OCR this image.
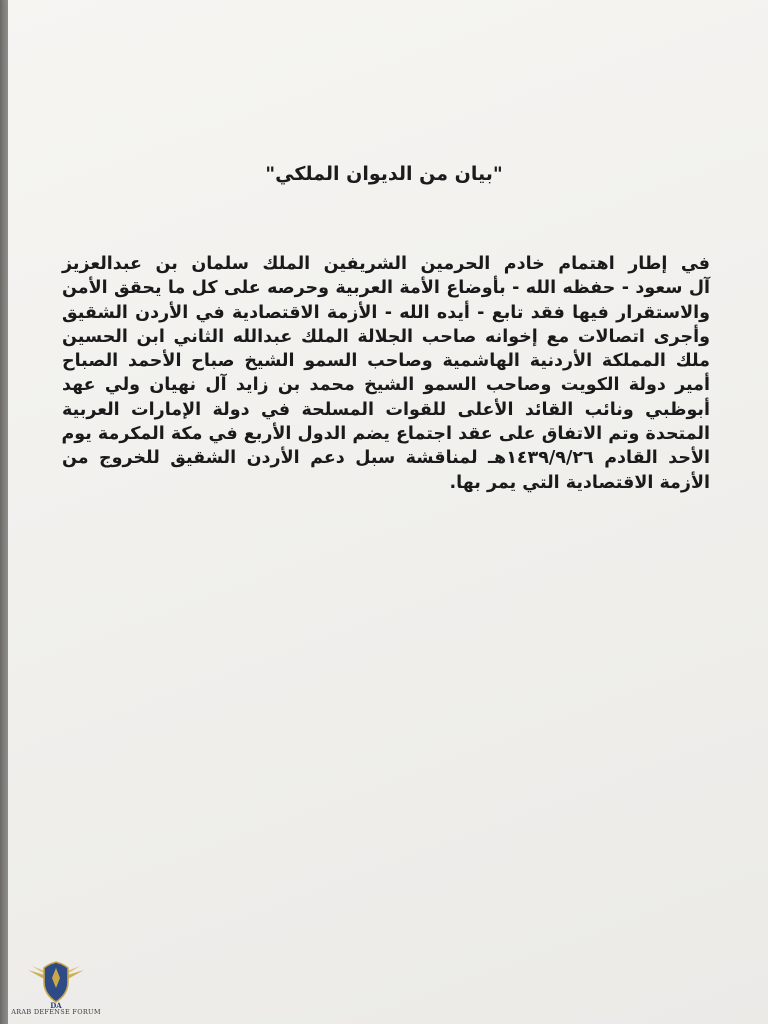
"بيان من الديوان الملكي"
في إطار اهتمام خادم الحرمين الشريفين الملك سلمان بن عبدالعزيز
آل سعود - حفظه الله - بأوضاع الأمة العربية وحرصه على كل ما يحقق الأمن
والاستقرار فيها فقد تابع - أيده الله - الأزمة الاقتصادية في الأردن الشقيق
وأجرى اتصالات مع إخوانه صاحب الجلالة الملك عبدالله الثاني ابن الحسين
ملك المملكة الأردنية الهاشمية وصاحب السمو الشيخ صباح الأحمد الصباح
أمير دولة الكويت وصاحب السمو الشيخ محمد بن زايد آل نهيان ولي عهد
أبوظبي ونائب القائد الأعلى للقوات المسلحة في دولة الإمارات العربية
المتحدة وتم الاتفاق على عقد اجتماع يضم الدول الأربع في مكة المكرمة يوم
الأحد القادم ١٤٣٩/٩/٢٦هـ لمناقشة سبل دعم الأردن الشقيق للخروج من
الأزمة الاقتصادية التي يمر بها.
DA
ARAB DEFENSE FORUM
